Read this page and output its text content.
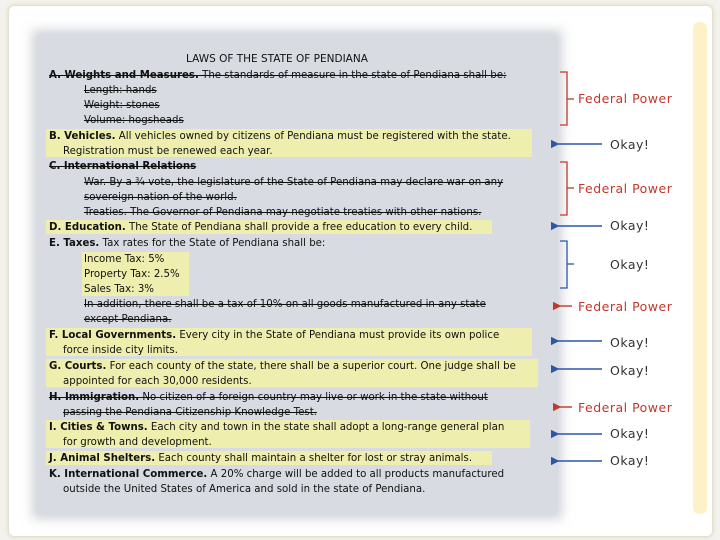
LAWS OF THE STATE OF PENDIANA
A. Weights and Measures. The standards of measure in the state of Pendiana shall be:
Length: hands
Weight: stones
Volume: hogsheads
B. Vehicles. All vehicles owned by citizens of Pendiana must be registered with the state.
Registration must be renewed each year.
C. International Relations
War. By a ¾ vote, the legislature of the State of Pendiana may declare war on any
sovereign nation of the world.
Treaties. The Governor of Pendiana may negotiate treaties with other nations.
D. Education. The State of Pendiana shall provide a free education to every child.
E. Taxes. Tax rates for the State of Pendiana shall be:
Income Tax: 5%
Property Tax: 2.5%
Sales Tax: 3%
In addition, there shall be a tax of 10% on all goods manufactured in any state
except Pendiana.
F. Local Governments. Every city in the State of Pendiana must provide its own police
force inside city limits.
G. Courts. For each county of the state, there shall be a superior court. One judge shall be
appointed for each 30,000 residents.
H. Immigration. No citizen of a foreign country may live or work in the state without
passing the Pendiana Citizenship Knowledge Test.
I. Cities & Towns. Each city and town in the state shall adopt a long-range general plan
for growth and development.
J. Animal Shelters. Each county shall maintain a shelter for lost or stray animals.
K. International Commerce. A 20% charge will be added to all products manufactured
outside the United States of America and sold in the state of Pendiana.
Federal Power
Okay!
Federal Power
Okay!
Okay!
Federal Power
Okay!
Okay!
Federal Power
Okay!
Okay!
